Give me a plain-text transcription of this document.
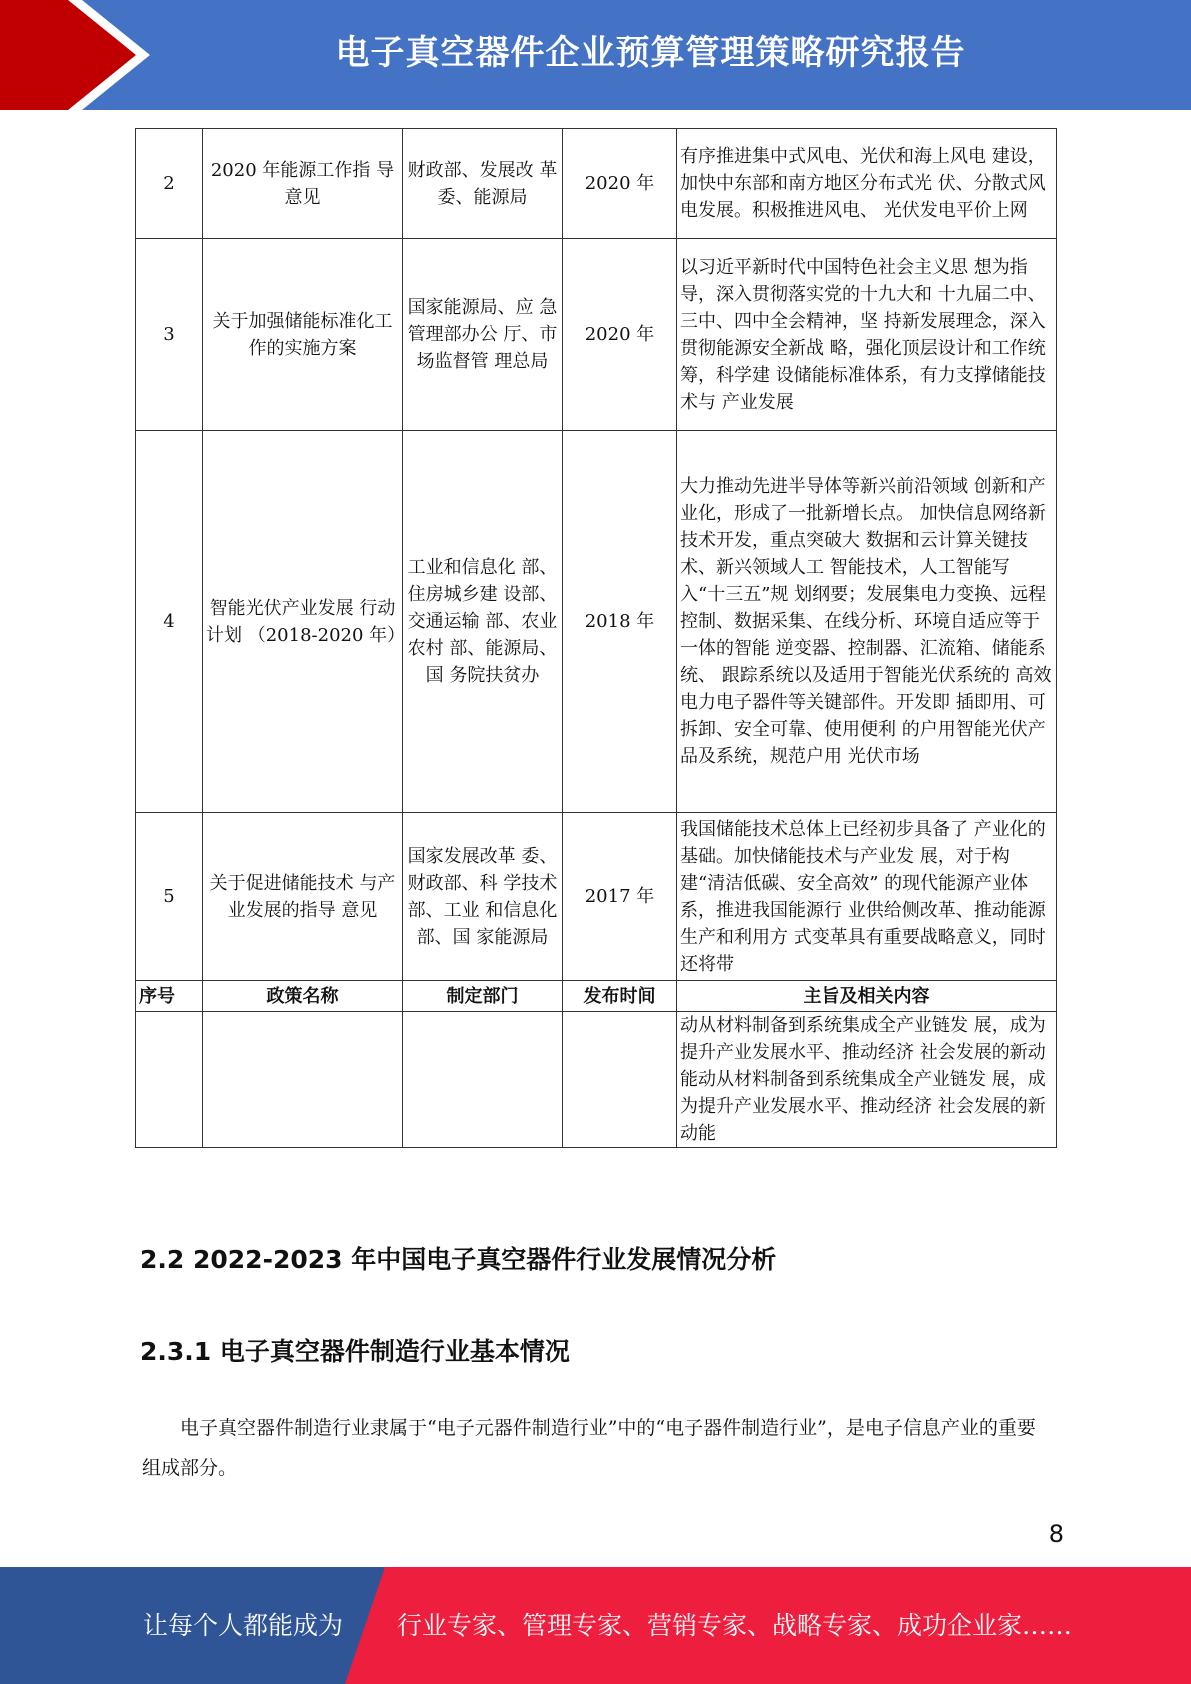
电子真空器件企业预算管理策略研究报告
2	2020 年能源工作指 导意见	财政部、发展改 革委、能源局	2020 年	有序推进集中式风电、光伏和海上风电 建设，加快中东部和南方地区分布式光 伏、分散式风电发展。积极推进风电、 光伏发电平价上网
3	关于加强储能标准化工作的实施方案	国家能源局、应 急管理部办公 厅、市场监督管 理总局	2020 年	以习近平新时代中国特色社会主义思 想为指导，深入贯彻落实党的十九大和 十九届二中、三中、四中全会精神，坚 持新发展理念，深入贯彻能源安全新战 略，强化顶层设计和工作统筹，科学建 设储能标准体系，有力支撑储能技术与 产业发展
4	智能光伏产业发展 行动计划 （2018-2020 年）	工业和信息化 部、住房城乡建 设部、交通运输 部、农业农村 部、能源局、国 务院扶贫办	2018 年	大力推动先进半导体等新兴前沿领域 创新和产业化，形成了一批新增长点。 加快信息网络新技术开发，重点突破大 数据和云计算关键技术、新兴领域人工 智能技术，人工智能写入“十三五”规 划纲要；发展集电力变换、远程控制、数据采集、在线分析、环境自适应等于一体的智能 逆变器、控制器、汇流箱、储能系统、 跟踪系统以及适用于智能光伏系统的 高效电力电子器件等关键部件。开发即 插即用、可拆卸、安全可靠、使用便利 的户用智能光伏产品及系统，规范户用 光伏市场
5	关于促进储能技术 与产业发展的指导 意见	国家发展改革 委、财政部、科 学技术部、工业 和信息化部、国 家能源局	2017 年	我国储能技术总体上已经初步具备了 产业化的基础。加快储能技术与产业发 展，对于构建“清洁低碳、安全高效” 的现代能源产业体系，推进我国能源行 业供给侧改革、推动能源生产和利用方 式变革具有重要战略意义，同时还将带
序号	政策名称	制定部门	发布时间	主旨及相关内容
				动从材料制备到系统集成全产业链发 展，成为提升产业发展水平、推动经济 社会发展的新动能动从材料制备到系统集成全产业链发 展，成为提升产业发展水平、推动经济 社会发展的新动能
2.2 2022-2023 年中国电子真空器件行业发展情况分析
2.3.1 电子真空器件制造行业基本情况
电子真空器件制造行业隶属于“电子元器件制造行业”中的“电子器件制造行业”，是电子信息产业的重要组成部分。
8
让每个人都能成为 行业专家、管理专家、营销专家、战略专家、成功企业家……
